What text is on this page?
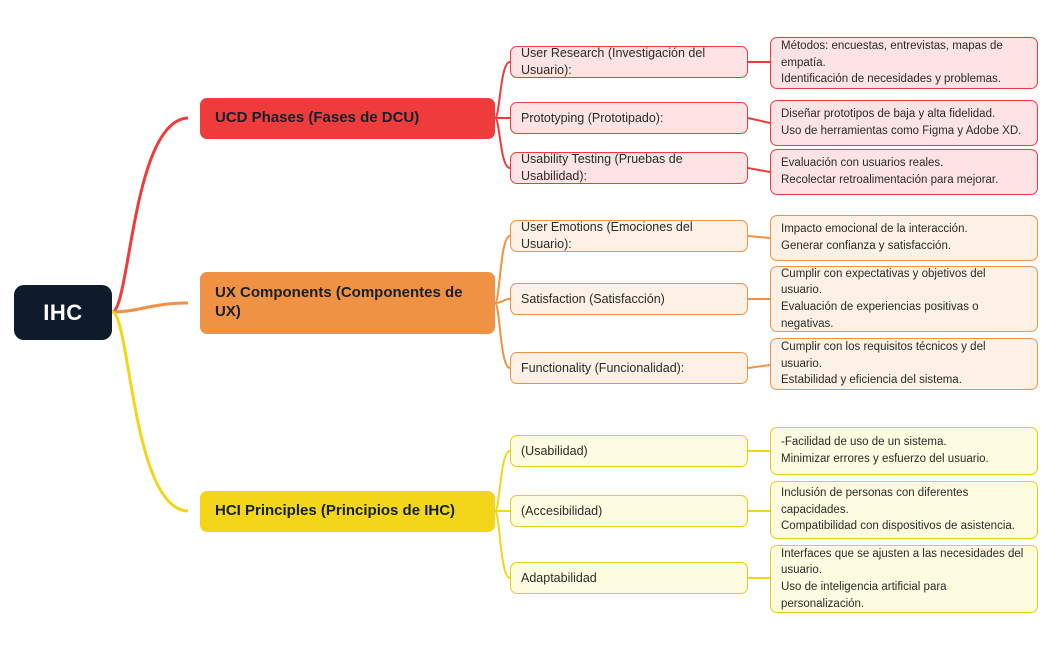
IHC
UCD Phases (Fases de DCU)
User Research (Investigación del Usuario):
Métodos: encuestas, entrevistas, mapas de empatía.
Identificación de necesidades y problemas.
Prototyping (Prototipado):	Diseñar prototipos de baja y alta fidelidad.
Uso de herramientas como Figma y Adobe XD.
Usability Testing (Pruebas de Usabilidad):
Evaluación con usuarios reales.
Recolectar retroalimentación para mejorar.
UX Components (Componentes de UX)
User Emotions (Emociones del Usuario):
Impacto emocional de la interacción.
Generar confianza y satisfacción.
Satisfaction (Satisfacción)
Cumplir con expectativas y objetivos del usuario.
Evaluación de experiencias positivas o negativas.
Functionality (Funcionalidad):
Cumplir con los requisitos técnicos y del usuario.
Estabilidad y eficiencia del sistema.
HCI Principles (Principios de IHC)
(Usabilidad)
-Facilidad de uso de un sistema.
Minimizar errores y esfuerzo del usuario.
(Accesibilidad)
Inclusión de personas con diferentes capacidades.
Compatibilidad con dispositivos de asistencia.
Adaptabilidad
Interfaces que se ajusten a las necesidades del usuario.
Uso de inteligencia artificial para personalización.
